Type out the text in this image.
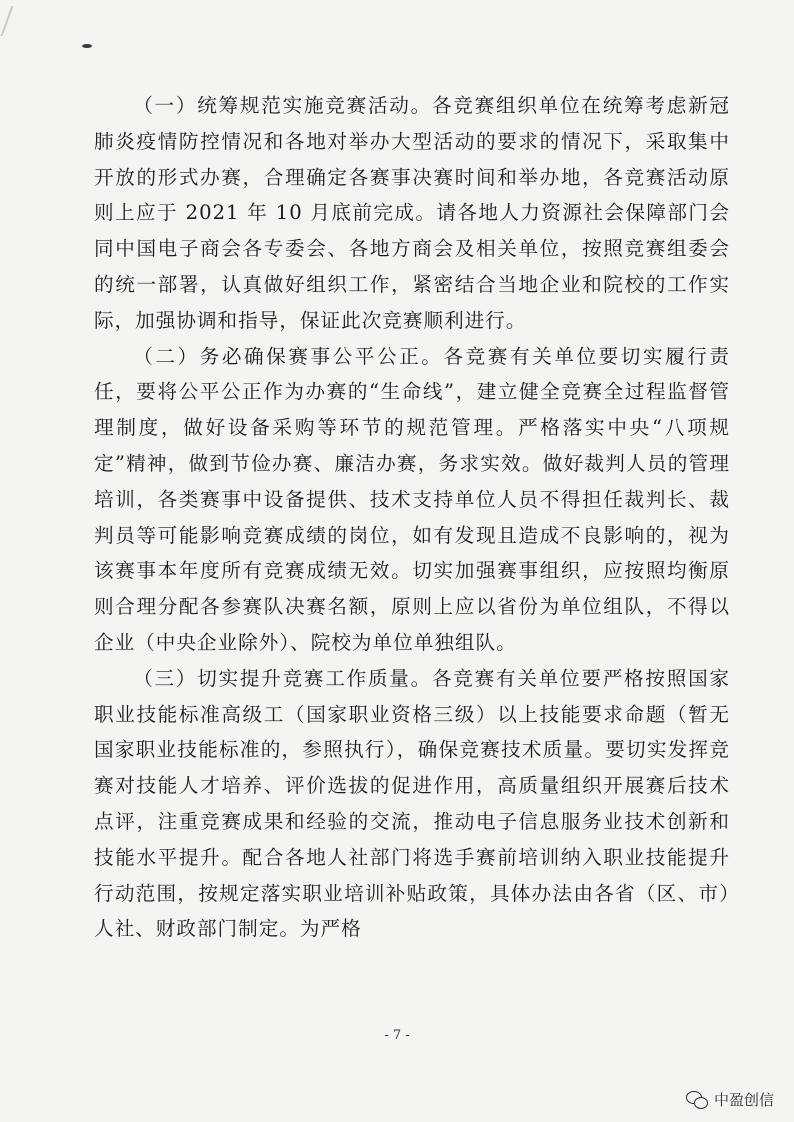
（一）统筹规范实施竞赛活动。各竞赛组织单位在统筹考虑新冠肺炎疫情防控情况和各地对举办大型活动的要求的情况下，采取集中开放的形式办赛，合理确定各赛事决赛时间和举办地，各竞赛活动原则上应于 2021 年 10 月底前完成。请各地人力资源社会保障部门会同中国电子商会各专委会、各地方商会及相关单位，按照竞赛组委会的统一部署，认真做好组织工作，紧密结合当地企业和院校的工作实际，加强协调和指导，保证此次竞赛顺利进行。

（二）务必确保赛事公平公正。各竞赛有关单位要切实履行责任，要将公平公正作为办赛的“生命线”，建立健全竞赛全过程监督管理制度，做好设备采购等环节的规范管理。严格落实中央“八项规定”精神，做到节俭办赛、廉洁办赛，务求实效。做好裁判人员的管理培训，各类赛事中设备提供、技术支持单位人员不得担任裁判长、裁判员等可能影响竞赛成绩的岗位，如有发现且造成不良影响的，视为该赛事本年度所有竞赛成绩无效。切实加强赛事组织，应按照均衡原则合理分配各参赛队决赛名额，原则上应以省份为单位组队，不得以企业（中央企业除外）、院校为单位单独组队。

（三）切实提升竞赛工作质量。各竞赛有关单位要严格按照国家职业技能标准高级工（国家职业资格三级）以上技能要求命题（暂无国家职业技能标准的，参照执行），确保竞赛技术质量。要切实发挥竞赛对技能人才培养、评价选拔的促进作用，高质量组织开展赛后技术点评，注重竞赛成果和经验的交流，推动电子信息服务业技术创新和技能水平提升。配合各地人社部门将选手赛前培训纳入职业技能提升行动范围，按规定落实职业培训补贴政策，具体办法由各省（区、市）人社、财政部门制定。为严格

- 7 -
中盈创信
